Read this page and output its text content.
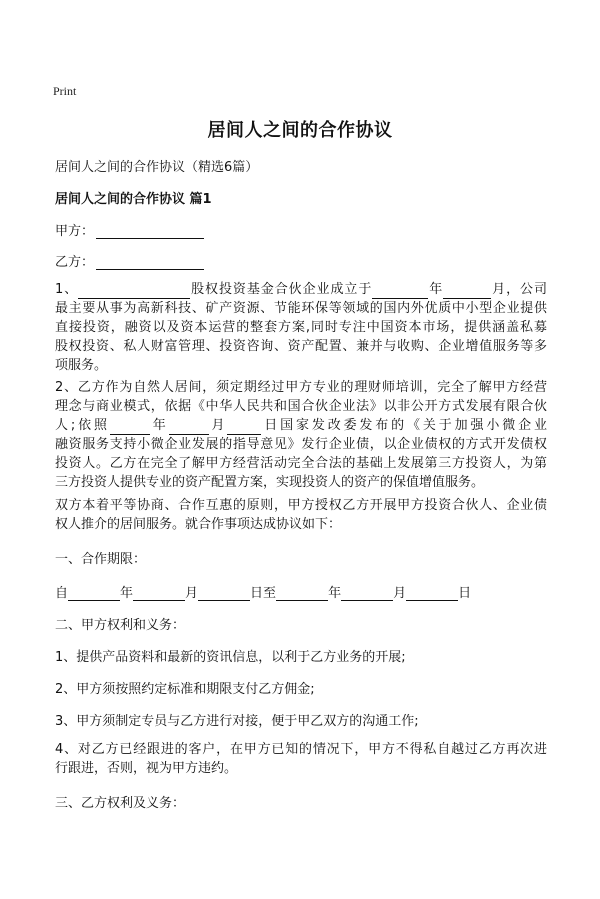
Print
居间人之间的合作协议
居间人之间的合作协议（精选6篇）
居间人之间的合作协议 篇1
甲方：
乙方：
1、	股权投资基金合伙企业成立于	年	月，公司
最主要从事为高新科技、矿产资源、节能环保等领域的国内外优质中小型企业提供
直接投资，融资以及资本运营的整套方案,同时专注中国资本市场，提供涵盖私募
股权投资、私人财富管理、投资咨询、资产配置、兼并与收购、企业增值服务等多
项服务。
2、乙方作为自然人居间，须定期经过甲方专业的理财师培训，完全了解甲方经营
理念与商业模式，依据《中华人民共和国合伙企业法》以非公开方式发展有限合伙
人;依照	年	月	日国家发改委发布的《关于加强小微企业
融资服务支持小微企业发展的指导意见》发行企业债，以企业债权的方式开发债权
投资人。乙方在完全了解甲方经营活动完全合法的基础上发展第三方投资人，为第
三方投资人提供专业的资产配置方案，实现投资人的资产的保值增值服务。
双方本着平等协商、合作互惠的原则，甲方授权乙方开展甲方投资合伙人、企业债
权人推介的居间服务。就合作事项达成协议如下：
一、合作期限：
自	年	月	日至	年	月	日
二、甲方权利和义务：
1、提供产品资料和最新的资讯信息，以利于乙方业务的开展;
2、甲方须按照约定标准和期限支付乙方佣金;
3、甲方须制定专员与乙方进行对接，便于甲乙双方的沟通工作;
4、对乙方已经跟进的客户，在甲方已知的情况下，甲方不得私自越过乙方再次进
行跟进，否则，视为甲方违约。
三、乙方权利及义务：
